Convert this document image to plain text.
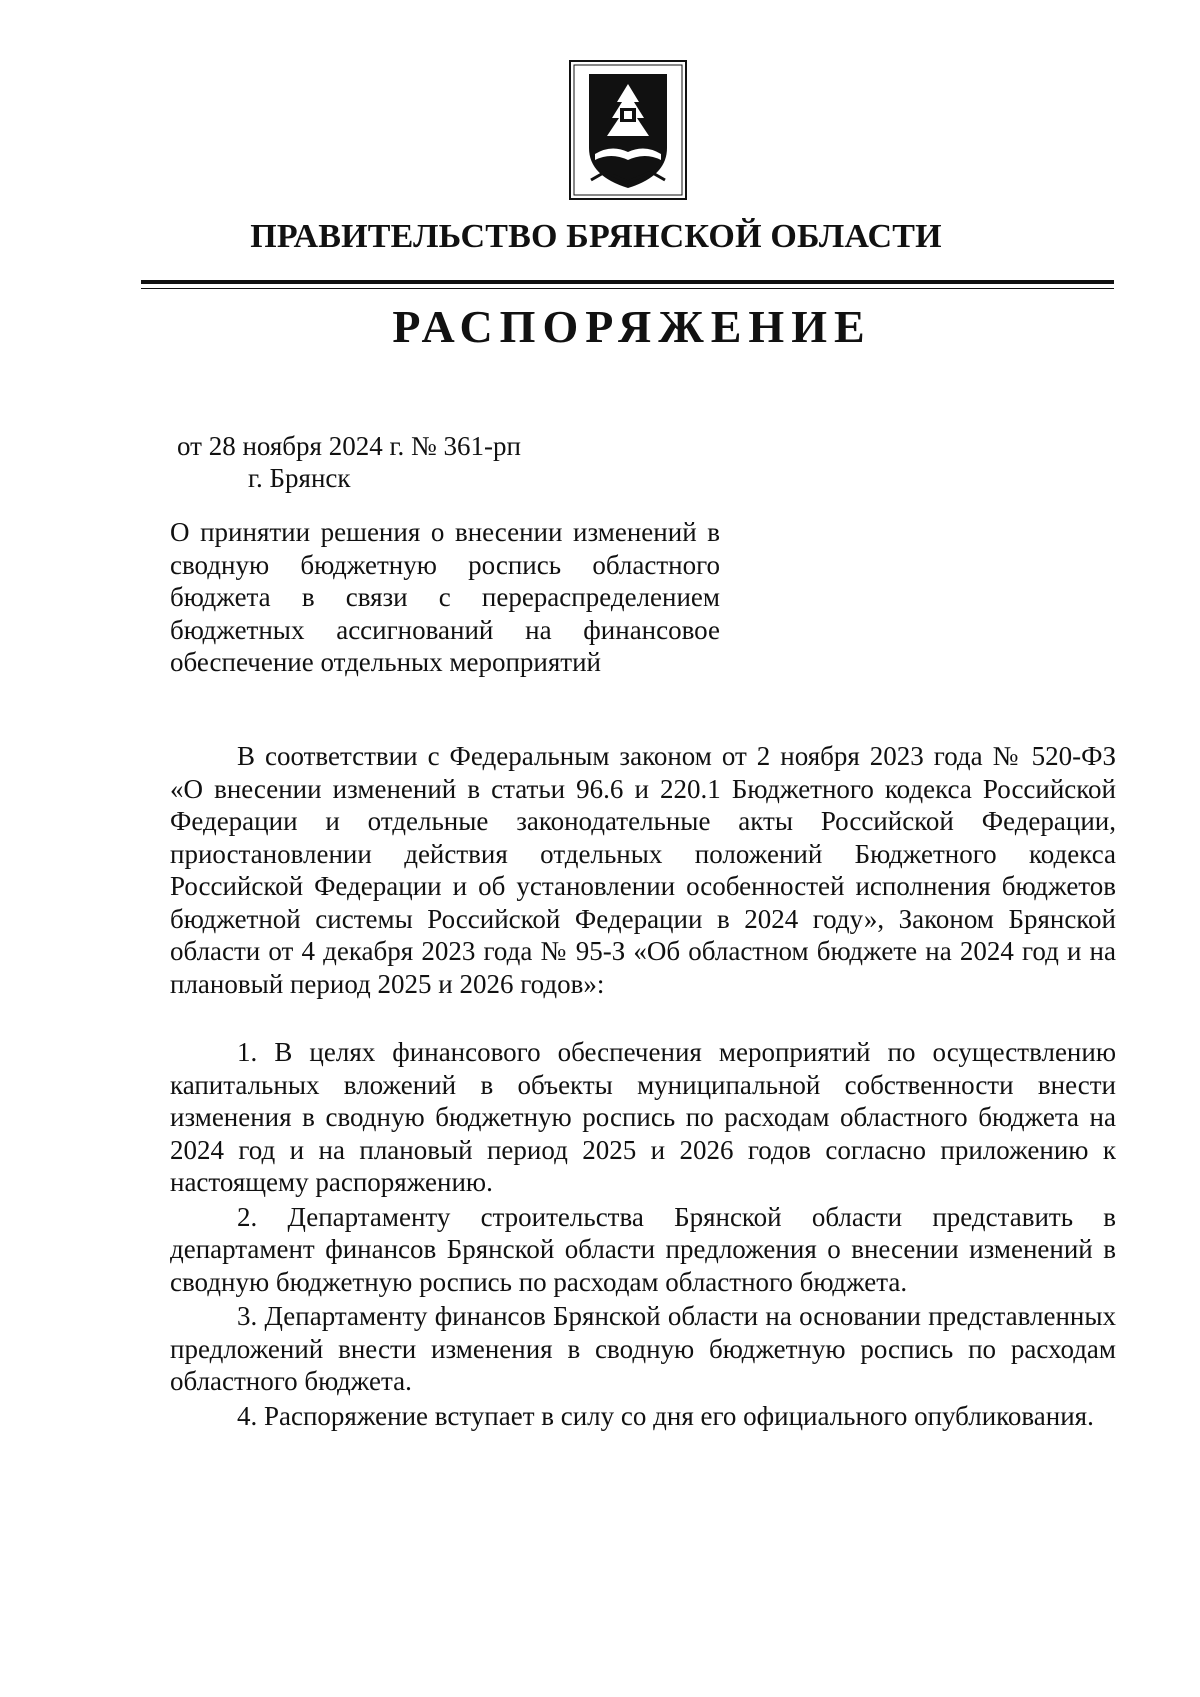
ПРАВИТЕЛЬСТВО БРЯНСКОЙ ОБЛАСТИ
РАСПОРЯЖЕНИЕ
от 28 ноября 2024 г. № 361-рп
г. Брянск
О принятии решения о внесении изменений в сводную бюджетную роспись областного бюджета в связи с перераспределением бюджетных ассигнований на финансовое обеспечение отдельных мероприятий

В соответствии с Федеральным законом от 2 ноября 2023 года № 520-ФЗ «О внесении изменений в статьи 96.6 и 220.1 Бюджетного кодекса Российской Федерации и отдельные законодательные акты Российской Федерации, приостановлении действия отдельных положений Бюджетного кодекса Российской Федерации и об установлении особенностей исполнения бюджетов бюджетной системы Российской Федерации в 2024 году», Законом Брянской области от 4 декабря 2023 года № 95-З «Об областном бюджете на 2024 год и на плановый период 2025 и 2026 годов»:

1. В целях финансового обеспечения мероприятий по осуществлению капитальных вложений в объекты муниципальной собственности внести изменения в сводную бюджетную роспись по расходам областного бюджета на 2024 год и на плановый период 2025 и 2026 годов согласно приложению к настоящему распоряжению.

2. Департаменту строительства Брянской области представить в департамент финансов Брянской области предложения о внесении изменений в сводную бюджетную роспись по расходам областного бюджета.

3. Департаменту финансов Брянской области на основании представленных предложений внести изменения в сводную бюджетную роспись по расходам областного бюджета.

4. Распоряжение вступает в силу со дня его официального опубликования.
